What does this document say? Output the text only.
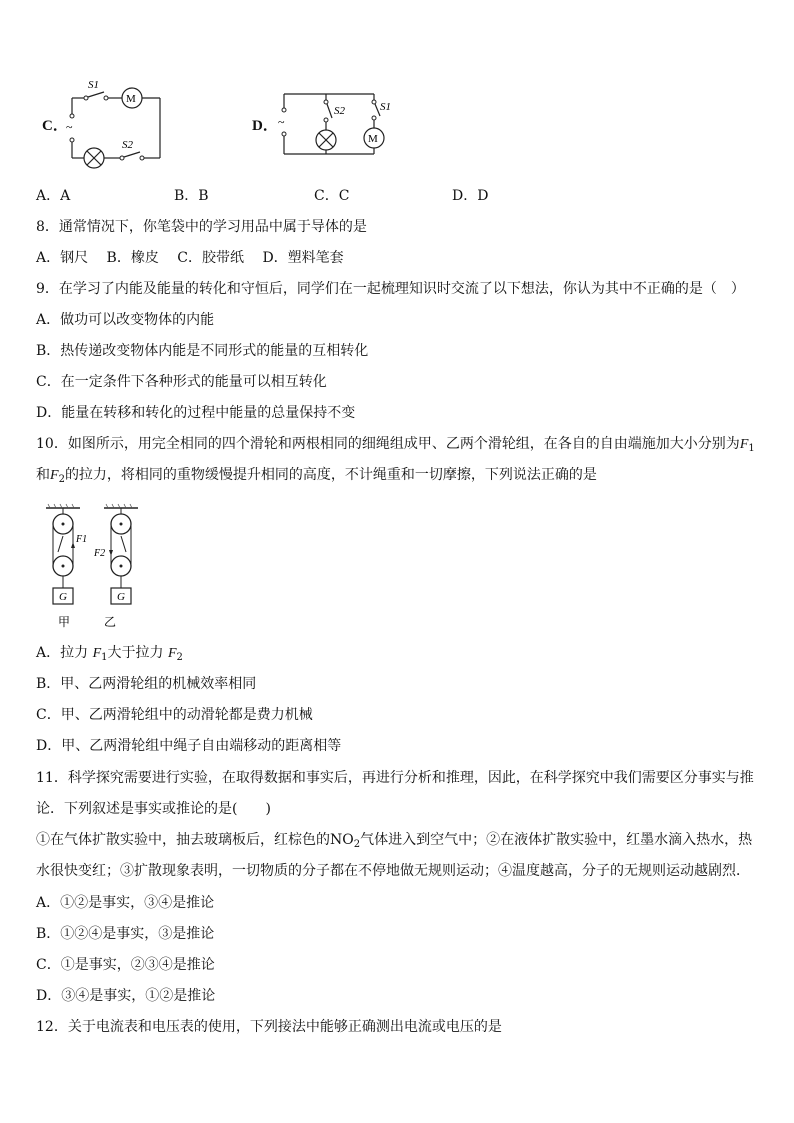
C．
~
S1
M
S2
D． ~
S2	S1
M
A．A	B．B	C．C	D．D
8．通常情况下，你笔袋中的学习用品中属于导体的是
A．钢尺　 B．橡皮　 C．胶带纸　 D．塑料笔套
9．在学习了内能及能量的转化和守恒后，同学们在一起梳理知识时交流了以下想法，你认为其中不正确的是（　）
A．做功可以改变物体的内能
B．热传递改变物体内能是不同形式的能量的互相转化
C．在一定条件下各种形式的能量可以相互转化
D．能量在转移和转化的过程中能量的总量保持不变
10．如图所示，用完全相同的四个滑轮和两根相同的细绳组成甲、乙两个滑轮组，在各自的自由端施加大小分别为$F_1$
和$F_2$的拉力，将相同的重物缓慢提升相同的高度，不计绳重和一切摩擦，下列说法正确的是
G
F1
G
F2
甲	乙
A．拉力 $F_1$大于拉力 $F_2$
B．甲、乙两滑轮组的机械效率相同
C．甲、乙两滑轮组中的动滑轮都是费力机械
D．甲、乙两滑轮组中绳子自由端移动的距离相等
11．科学探究需要进行实验，在取得数据和事实后，再进行分析和推理，因此，在科学探究中我们需要区分事实与推
论．下列叙述是事实或推论的是(　　)
①在气体扩散实验中，抽去玻璃板后，红棕色的$NO_2$气体进入到空气中；②在液体扩散实验中，红墨水滴入热水，热
水很快变红；③扩散现象表明，一切物质的分子都在不停地做无规则运动；④温度越高，分子的无规则运动越剧烈．
A．①②是事实，③④是推论
B．①②④是事实，③是推论
C．①是事实，②③④是推论
D．③④是事实，①②是推论
12．关于电流表和电压表的使用，下列接法中能够正确测出电流或电压的是
